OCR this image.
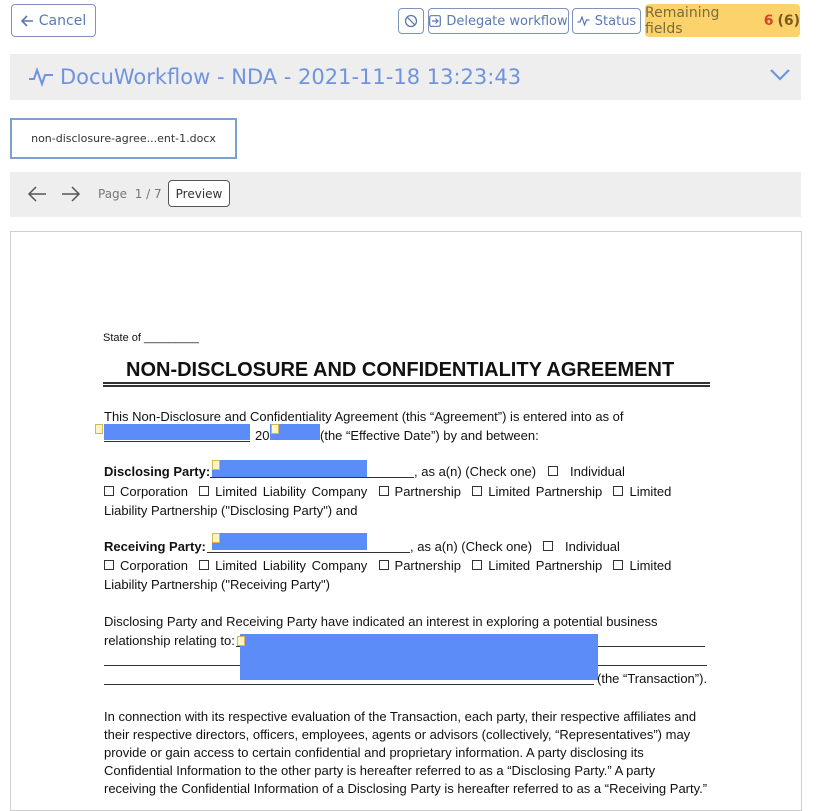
Cancel	Delegate workflow Status
Remaining fields	6 (6)
DocuWorkflow - NDA - 2021-11-18 13:23:43
non-disclosure-agree...ent-1.docx
Page 1 / 7 Preview
State of _________
NON-DISCLOSURE AND CONFIDENTIALITY AGREEMENT
This Non-Disclosure and Confidentiality Agreement (this “Agreement”) is entered into as of
20	(the “Effective Date”) by and between:
Disclosing Party:	, as a(n) (Check one)	Individual
Corporation Limited Liability Company Partnership Limited Partnership Limited
Liability Partnership ("Disclosing Party") and
Receiving Party:	, as a(n) (Check one)	Individual
Corporation Limited Liability Company Partnership Limited Partnership Limited
Liability Partnership ("Receiving Party")
Disclosing Party and Receiving Party have indicated an interest in exploring a potential business
relationship relating to:
(the “Transaction”).
In connection with its respective evaluation of the Transaction, each party, their respective affiliates and
their respective directors, officers, employees, agents or advisors (collectively, “Representatives”) may
provide or gain access to certain confidential and proprietary information. A party disclosing its
Confidential Information to the other party is hereafter referred to as a “Disclosing Party.” A party
receiving the Confidential Information of a Disclosing Party is hereafter referred to as a “Receiving Party.”
